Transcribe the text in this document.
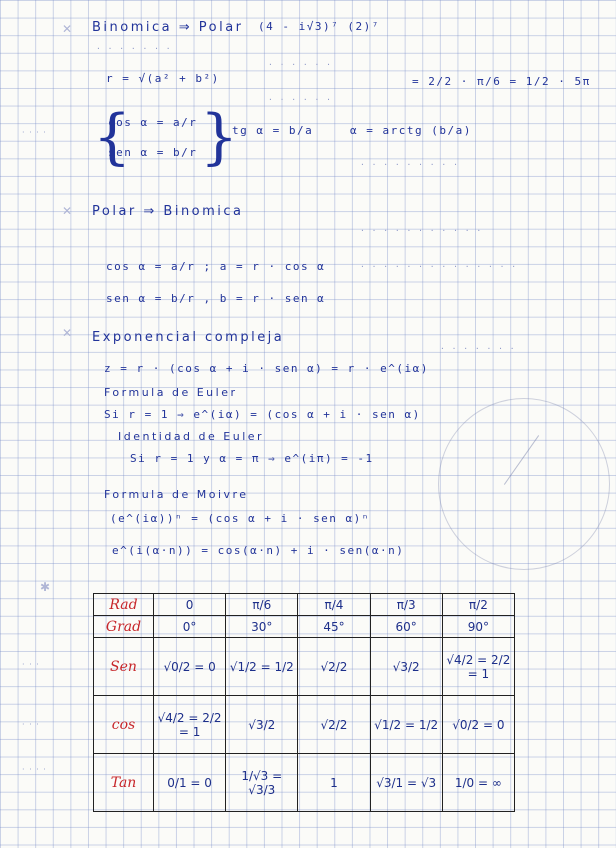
✕
✕
✕
✱
· · · ·
· · ·
· · ·
· · · ·
Binomica ⇒ Polar (4 - i√3)⁷ (2)⁷
· · · · · · ·
= 2/2 · π/6 = 1/2 · 5π
· · · · · ·
· · · · · ·
r = √(a² + b²)
{
cos α = a/r
sen α = b/r }
tg α = b/a	α = arctg (b/a)
· · · · · · · · ·
Polar ⇒ Binomica
· · · · · · · · · · ·
cos α = a/r ; a = r · cos α	· · · · · · · · · · · · · ·
sen α = b/r , b = r · sen α
Exponencial compleja
z = r · (cos α + i · sen α) = r · e^(iα)
· · · · · · ·
Formula de Euler
Si r = 1 ⇒ e^(iα) = (cos α + i · sen α)
Identidad de Euler
Si r = 1 y α = π ⇒ e^(iπ) = -1
Formula de Moivre
(e^(iα))ⁿ = (cos α + i · sen α)ⁿ
e^(i(α·n)) = cos(α·n) + i · sen(α·n)
Rad	0	π/6	π/4	π/3	π/2
Grad	0°	30°	45°	60°	90°
Sen	√0/2 = 0	√1/2 = 1/2	√2/2	√3/2	√4/2 = 2/2 = 1
cos	√4/2 = 2/2 = 1	√3/2	√2/2	√1/2 = 1/2	√0/2 = 0
Tan	0/1 = 0	1/√3 = √3/3	1	√3/1 = √3	1/0 = ∞
